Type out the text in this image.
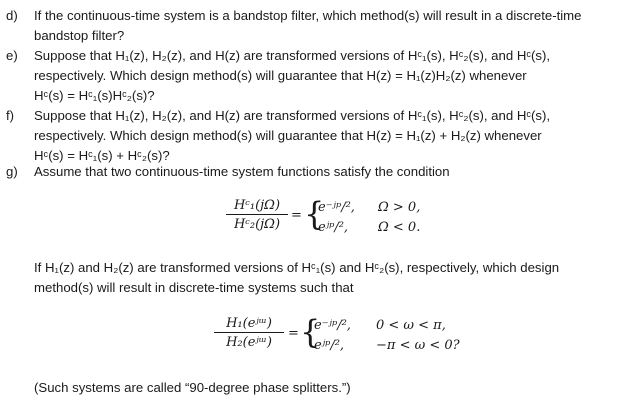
d)	If the continuous-time system is a bandstop filter, which method(s) will result in a discrete-time
bandstop filter?
e)	Suppose that H₁(z), H₂(z), and H(z) are transformed versions of Hᶜ₁(s), Hᶜ₂(s), and Hᶜ(s),
respectively. Which design method(s) will guarantee that H(z) = H₁(z)H₂(z) whenever
Hᶜ(s) = Hᶜ₁(s)Hᶜ₂(s)?
f)	Suppose that H₁(z), H₂(z), and H(z) are transformed versions of Hᶜ₁(s), Hᶜ₂(s), and Hᶜ(s),
respectively. Which design method(s) will guarantee that H(z) = H₁(z) + H₂(z) whenever
Hᶜ(s) = Hᶜ₁(s) + Hᶜ₂(s)?
g)	Assume that two continuous-time system functions satisfy the condition
Hᶜ₁(jΩ)
Hᶜ₂(jΩ)
= {
e⁻ʲᵖ/², Ω > 0,
eʲᵖ/², Ω < 0.
If H₁(z) and H₂(z) are transformed versions of Hᶜ₁(s) and Hᶜ₂(s), respectively, which design
method(s) will result in discrete-time systems such that
H₁(eʲᵚ)
H₂(eʲᵚ)
= {
e⁻ʲᵖ/², 0 < ω < π,
eʲᵖ/², −π < ω < 0?
(Such systems are called “90-degree phase splitters.”)
